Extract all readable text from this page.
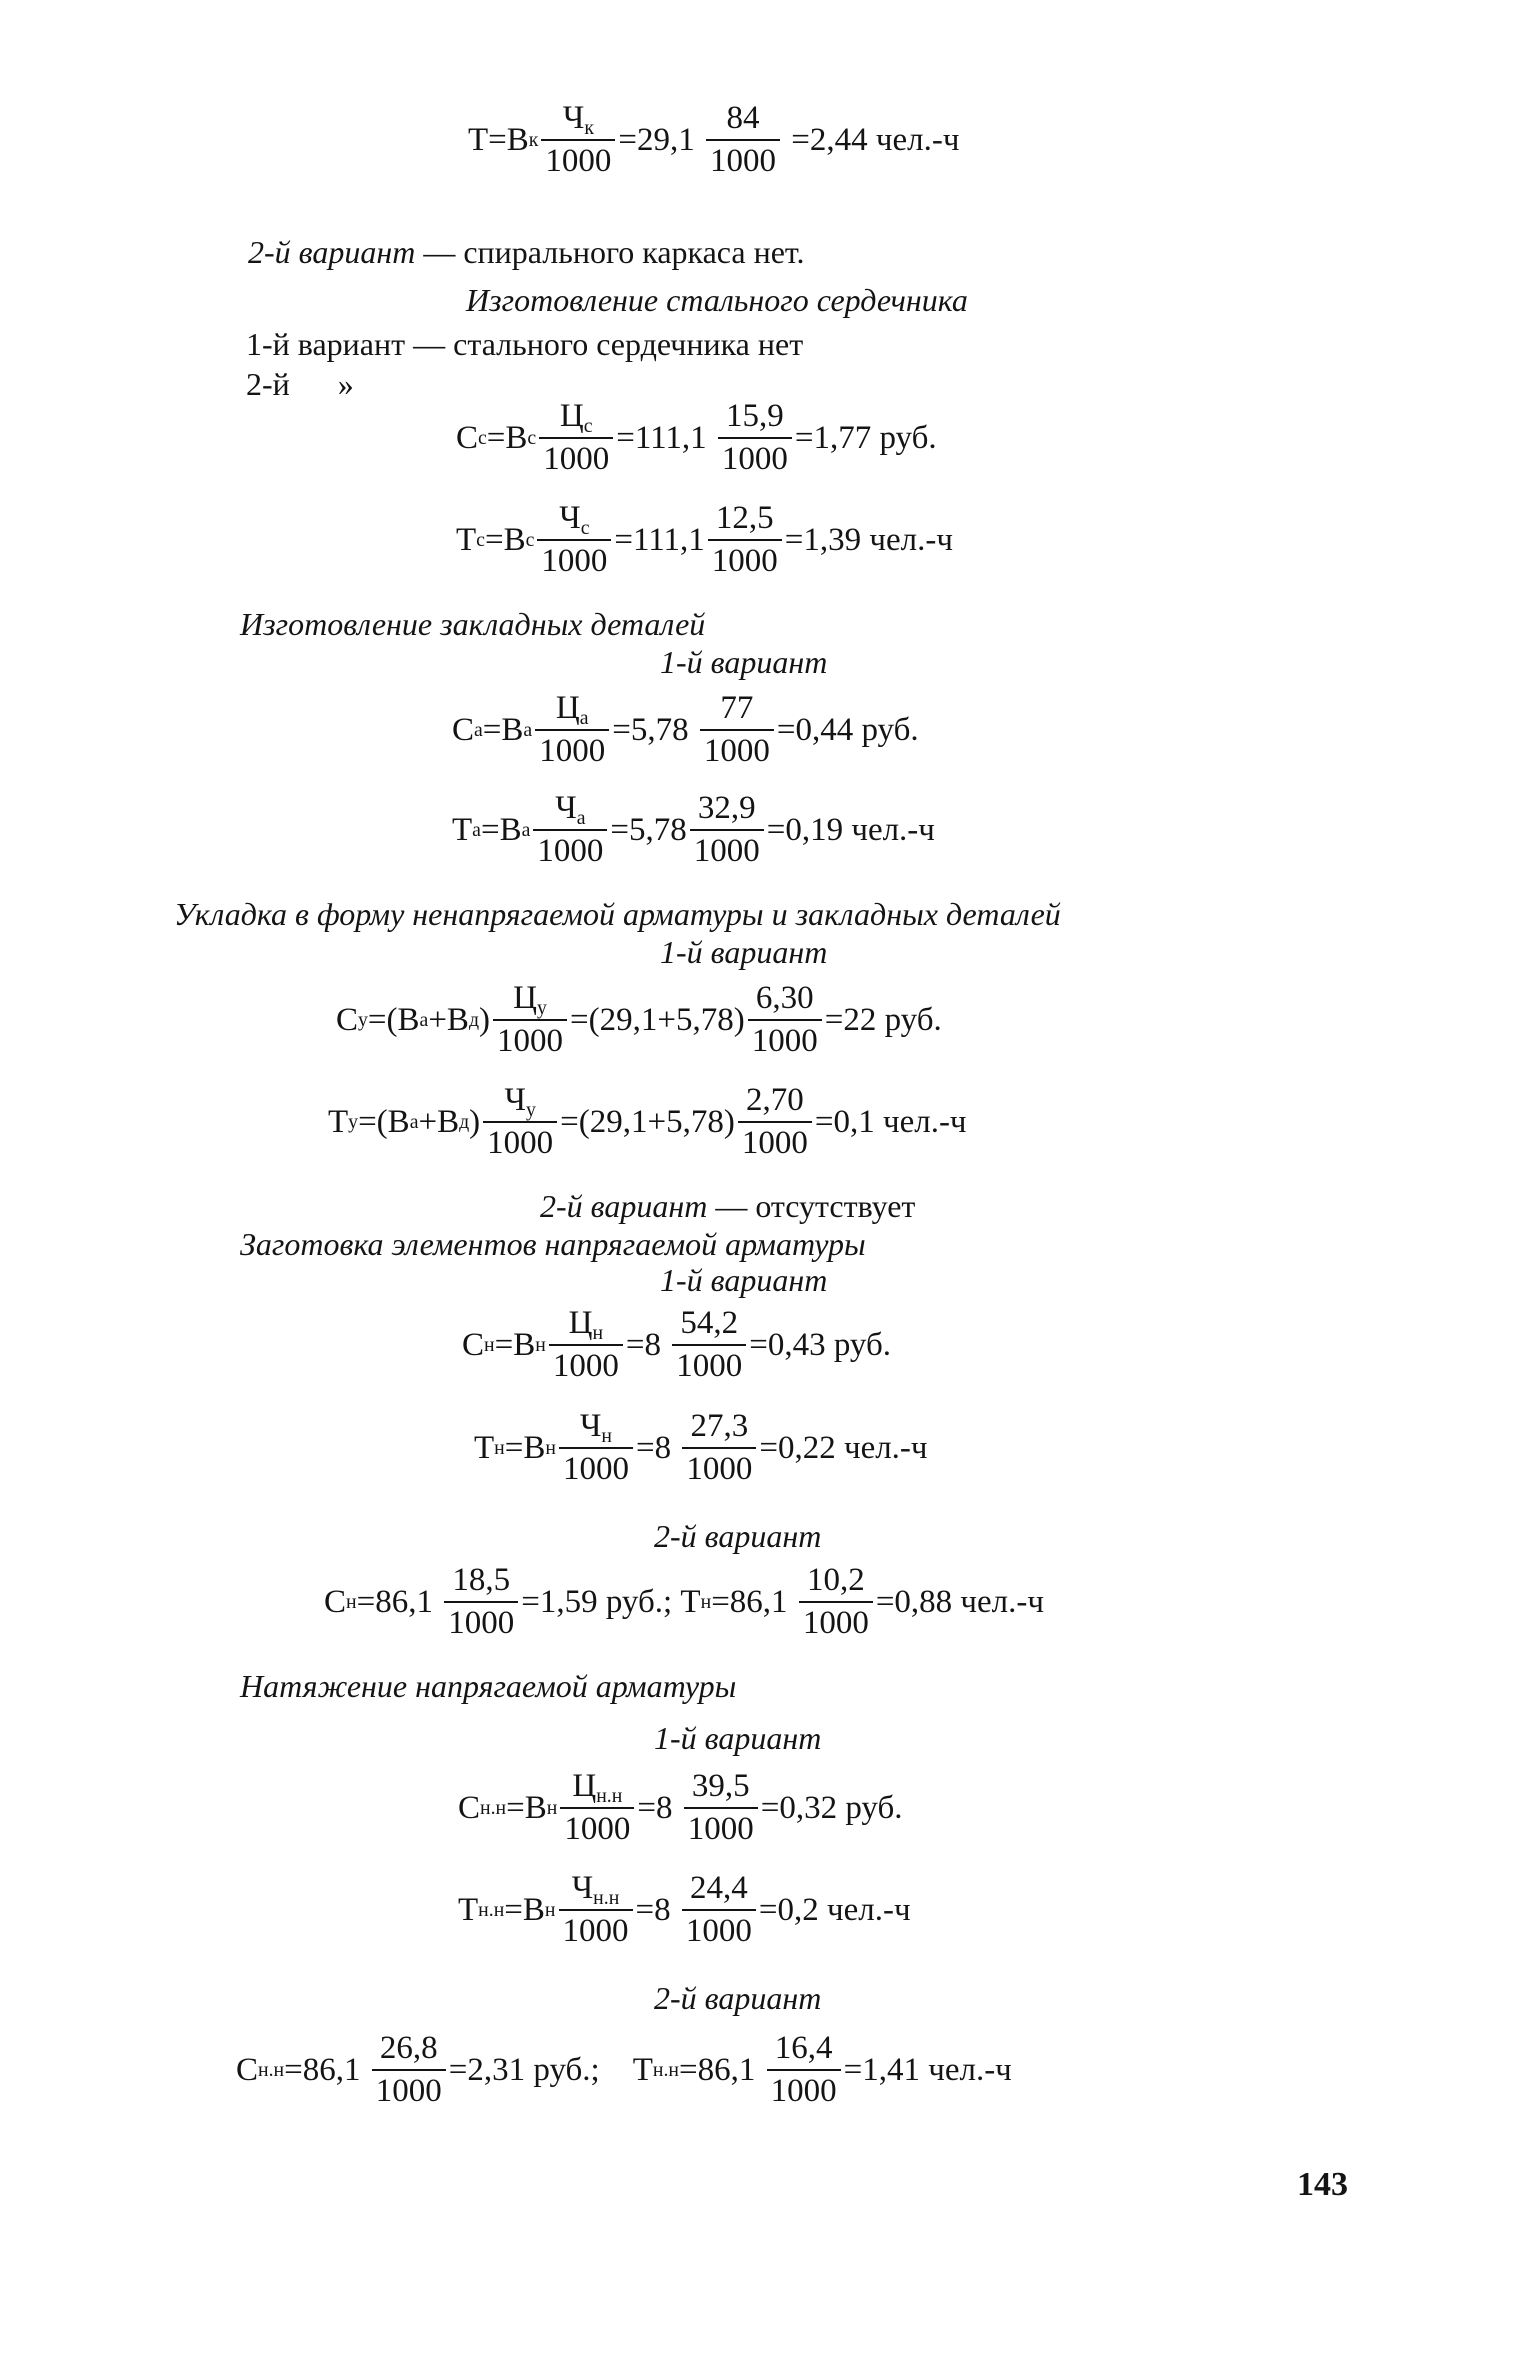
T=B к $\frac{Ч_к}{1000} =29,1 \frac{84}{1000} =2,44$ чел.-ч
2-й вариант — спирального каркаса нет.
Изготовление стального сердечника
1-й вариант — стального сердечника нет
2-й      »
C c =B c $\frac{Ц_c}{1000} =111,1 \frac{15,9}{1000} =1,77$ руб.
T c =B c $\frac{Ч_c}{1000} =111,1 \frac{12,5}{1000} =1,39$ чел.-ч
Изготовление закладных деталей
1-й вариант
C a =B a $\frac{Ц_a}{1000} =5,78 \frac{77}{1000} =0,44$ руб.
T a =B a $\frac{Ч_a}{1000} =5,78 \frac{32,9}{1000} =0,19$ чел.-ч
Укладка в форму ненапрягаемой арматуры и закладных деталей
1-й вариант
C y =(B a +B д ) $\frac{Ц_y}{1000} =(29,1+5,78) \frac{6,30}{1000} =22$ руб.
T y =(B a +B д ) $\frac{Ч_y}{1000} =(29,1+5,78) \frac{2,70}{1000} =0,1$ чел.-ч
2-й вариант — отсутствует
Заготовка элементов напрягаемой арматуры
1-й вариант
C н =B н $\frac{Ц_н}{1000} =8 \frac{54,2}{1000} =0,43$ руб.
T н =B н $\frac{Ч_н}{1000} =8 \frac{27,3}{1000} =0,22$ чел.-ч
2-й вариант
C $н =86,1 \frac{18,5}{1000} =1,59$ руб.; T $н =86,1 \frac{10,2}{1000} =0,88$ чел.-ч
Натяжение напрягаемой арматуры
1-й вариант
C н.н =B н $\frac{Ц_{н.н}}{1000} =8 \frac{39,5}{1000} =0,32$ руб.
T н.н =B н $\frac{Ч_{н.н}}{1000} =8 \frac{24,4}{1000} =0,2$ чел.-ч
2-й вариант
C $н.н =86,1 \frac{26,8}{1000} =2,31$ руб.;    T $н.н =86,1 \frac{16,4}{1000} =1,41$ чел.-ч
143
